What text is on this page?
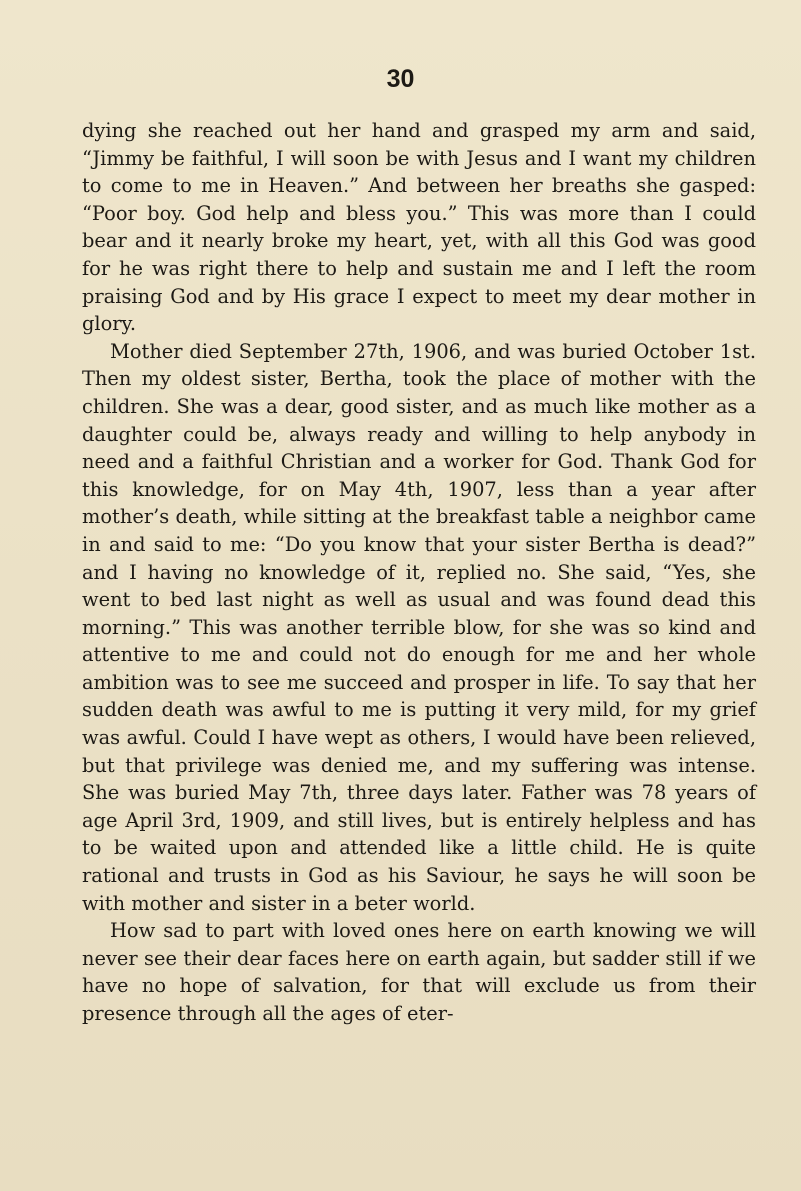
30

dying she reached out her hand and grasped my arm and said, “Jimmy be faithful, I will soon be with Jesus and I want my children to come to me in Heaven.” And between her breaths she gasped: “Poor boy. God help and bless you.” This was more than I could bear and it nearly broke my heart, yet, with all this God was good for he was right there to help and sustain me and I left the room praising God and by His grace I expect to meet my dear mother in glory.

Mother died September 27th, 1906, and was buried October 1st. Then my oldest sister, Bertha, took the place of mother with the children. She was a dear, good sister, and as much like mother as a daughter could be, always ready and willing to help anybody in need and a faithful Christian and a worker for God. Thank God for this knowledge, for on May 4th, 1907, less than a year after mother’s death, while sitting at the breakfast table a neighbor came in and said to me: “Do you know that your sister Bertha is dead?” and I having no knowledge of it, replied no. She said, “Yes, she went to bed last night as well as usual and was found dead this morning.” This was another terrible blow, for she was so kind and attentive to me and could not do enough for me and her whole ambition was to see me succeed and prosper in life. To say that her sudden death was awful to me is putting it very mild, for my grief was awful. Could I have wept as others, I would have been relieved, but that privilege was denied me, and my suffering was intense. She was buried May 7th, three days later. Father was 78 years of age April 3rd, 1909, and still lives, but is entirely helpless and has to be waited upon and attended like a little child. He is quite rational and trusts in God as his Saviour, he says he will soon be with mother and sister in a beter world.

How sad to part with loved ones here on earth knowing we will never see their dear faces here on earth again, but sadder still if we have no hope of salvation, for that will exclude us from their presence through all the ages of eter-
